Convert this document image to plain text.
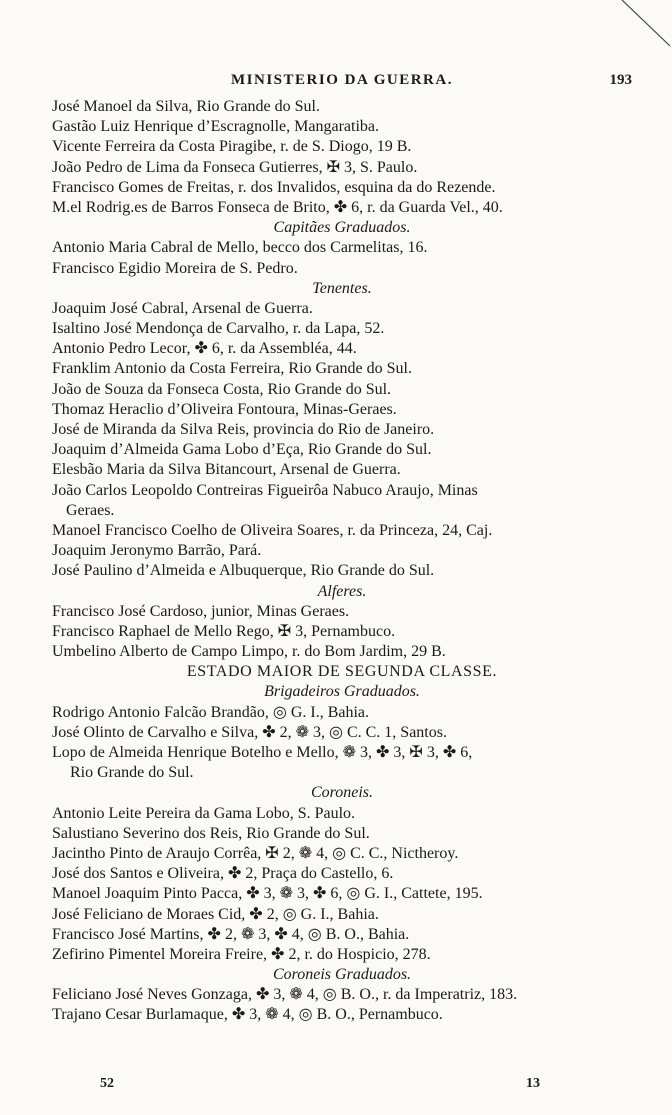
MINISTERIO DA GUERRA.	193
José Manoel da Silva, Rio Grande do Sul.
Gastão Luiz Henrique d’Escragnolle, Mangaratiba.
Vicente Ferreira da Costa Piragibe, r. de S. Diogo, 19 B.
João Pedro de Lima da Fonseca Gutierres, ✠ 3, S. Paulo.
Francisco Gomes de Freitas, r. dos Invalidos, esquina da do Rezende.
M.el Rodrig.es de Barros Fonseca de Brito, ✤ 6, r. da Guarda Vel., 40.
Capitães Graduados.
Antonio Maria Cabral de Mello, becco dos Carmelitas, 16.
Francisco Egidio Moreira de S. Pedro.
Tenentes.
Joaquim José Cabral, Arsenal de Guerra.
Isaltino José Mendonça de Carvalho, r. da Lapa, 52.
Antonio Pedro Lecor, ✤ 6, r. da Assembléa, 44.
Franklim Antonio da Costa Ferreira, Rio Grande do Sul.
João de Souza da Fonseca Costa, Rio Grande do Sul.
Thomaz Heraclio d’Oliveira Fontoura, Minas-Geraes.
José de Miranda da Silva Reis, provincia do Rio de Janeiro.
Joaquim d’Almeida Gama Lobo d’Eça, Rio Grande do Sul.
Elesbão Maria da Silva Bitancourt, Arsenal de Guerra.
João Carlos Leopoldo Contreiras Figueirôa Nabuco Araujo, Minas
Geraes.
Manoel Francisco Coelho de Oliveira Soares, r. da Princeza, 24, Caj.
Joaquim Jeronymo Barrão, Pará.
José Paulino d’Almeida e Albuquerque, Rio Grande do Sul.
Alferes.
Francisco José Cardoso, junior, Minas Geraes.
Francisco Raphael de Mello Rego, ✠ 3, Pernambuco.
Umbelino Alberto de Campo Limpo, r. do Bom Jardim, 29 B.
ESTADO MAIOR DE SEGUNDA CLASSE.
Brigadeiros Graduados.
Rodrigo Antonio Falcão Brandão, ◎ G. I., Bahia.
José Olinto de Carvalho e Silva, ✤ 2, ❁ 3, ◎ C. C. 1, Santos.
Lopo de Almeida Henrique Botelho e Mello, ❁ 3, ✤ 3, ✠ 3, ✤ 6,
Rio Grande do Sul.
Coroneis.
Antonio Leite Pereira da Gama Lobo, S. Paulo.
Salustiano Severino dos Reis, Rio Grande do Sul.
Jacintho Pinto de Araujo Corrêa, ✠ 2, ❁ 4, ◎ C. C., Nictheroy.
José dos Santos e Oliveira, ✤ 2, Praça do Castello, 6.
Manoel Joaquim Pinto Pacca, ✤ 3, ❁ 3, ✤ 6, ◎ G. I., Cattete, 195.
José Feliciano de Moraes Cid, ✤ 2, ◎ G. I., Bahia.
Francisco José Martins, ✤ 2, ❁ 3, ✤ 4, ◎ B. O., Bahia.
Zefirino Pimentel Moreira Freire, ✤ 2, r. do Hospicio, 278.
Coroneis Graduados.
Feliciano José Neves Gonzaga, ✤ 3, ❁ 4, ◎ B. O., r. da Imperatriz, 183.
Trajano Cesar Burlamaque, ✤ 3, ❁ 4, ◎ B. O., Pernambuco.
52	13
